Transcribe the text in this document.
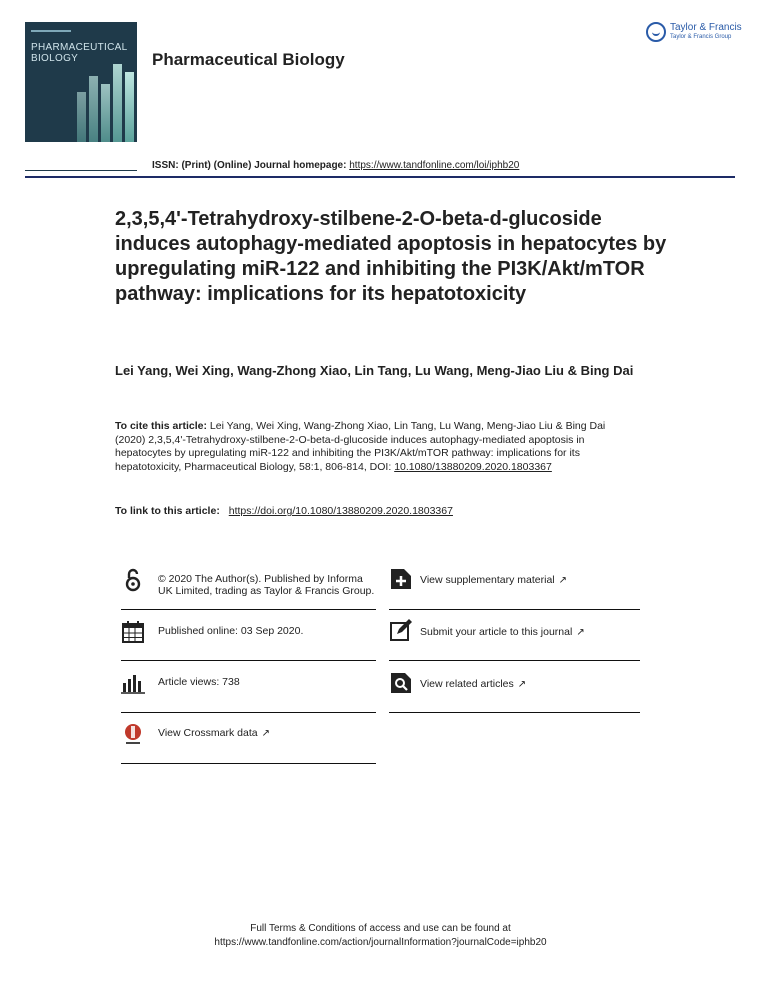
PHARMACEUTICAL
BIOLOGY	Pharmaceutical Biology
Taylor & Francis
Taylor & Francis Group
ISSN: (Print) (Online) Journal homepage: https://www.tandfonline.com/loi/iphb20
2,3,5,4'-Tetrahydroxy-stilbene-2-O-beta-d-glucoside induces autophagy-mediated apoptosis in hepatocytes by upregulating miR-122 and inhibiting the PI3K/Akt/mTOR pathway: implications for its hepatotoxicity
Lei Yang, Wei Xing, Wang-Zhong Xiao, Lin Tang, Lu Wang, Meng-Jiao Liu & Bing Dai
To cite this article: Lei Yang, Wei Xing, Wang-Zhong Xiao, Lin Tang, Lu Wang, Meng-Jiao Liu & Bing Dai (2020) 2,3,5,4'-Tetrahydroxy-stilbene-2-O-beta-d-glucoside induces autophagy-mediated apoptosis in hepatocytes by upregulating miR-122 and inhibiting the PI3K/Akt/mTOR pathway: implications for its hepatotoxicity, Pharmaceutical Biology, 58:1, 806-814, DOI: 10.1080/13880209.2020.1803367
To link to this article: https://doi.org/10.1080/13880209.2020.1803367
© 2020 The Author(s). Published by Informa UK Limited, trading as Taylor & Francis Group.
Published online: 03 Sep 2020.
Article views: 738
View Crossmark data ↗
View supplementary material ↗
Submit your article to this journal ↗
View related articles ↗
Full Terms & Conditions of access and use can be found at
https://www.tandfonline.com/action/journalInformation?journalCode=iphb20
